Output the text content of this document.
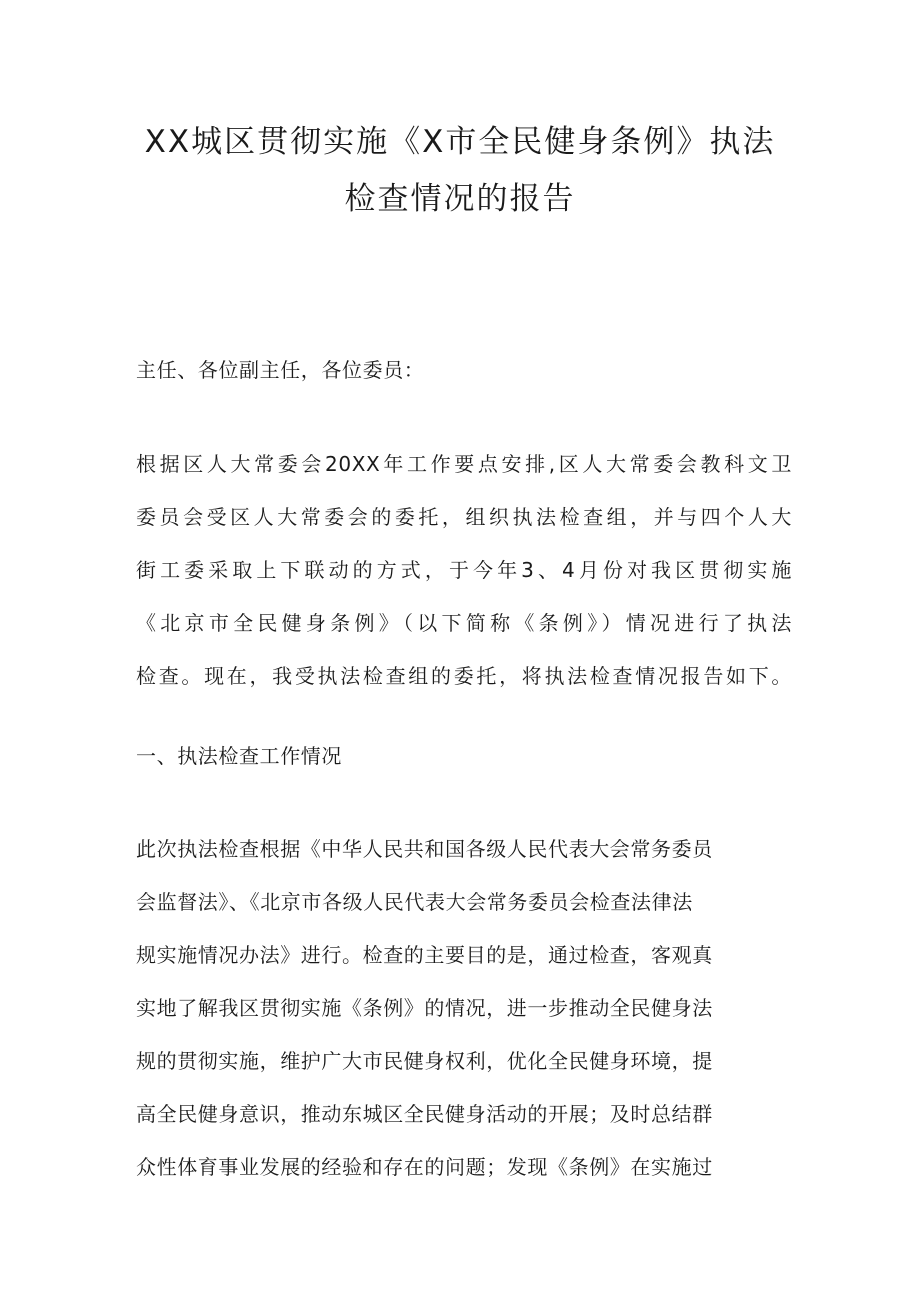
XX城区贯彻实施《X市全民健身条例》执法
检查情况的报告

主任、各位副主任，各位委员：

根据区人大常委会20XX年工作要点安排,区人大常委会教科文卫
委员会受区人大常委会的委托，组织执法检查组，并与四个人大
街工委采取上下联动的方式，于今年3、4月份对我区贯彻实施
《北京市全民健身条例》（以下简称《条例》）情况进行了执法
检查。现在，我受执法检查组的委托，将执法检查情况报告如下。

一、执法检查工作情况

此次执法检查根据《中华人民共和国各级人民代表大会常务委员
会监督法》、《北京市各级人民代表大会常务委员会检查法律法
规实施情况办法》进行。检查的主要目的是，通过检查，客观真
实地了解我区贯彻实施《条例》的情况，进一步推动全民健身法
规的贯彻实施，维护广大市民健身权利，优化全民健身环境，提
高全民健身意识，推动东城区全民健身活动的开展；及时总结群
众性体育事业发展的经验和存在的问题；发现《条例》在实施过
